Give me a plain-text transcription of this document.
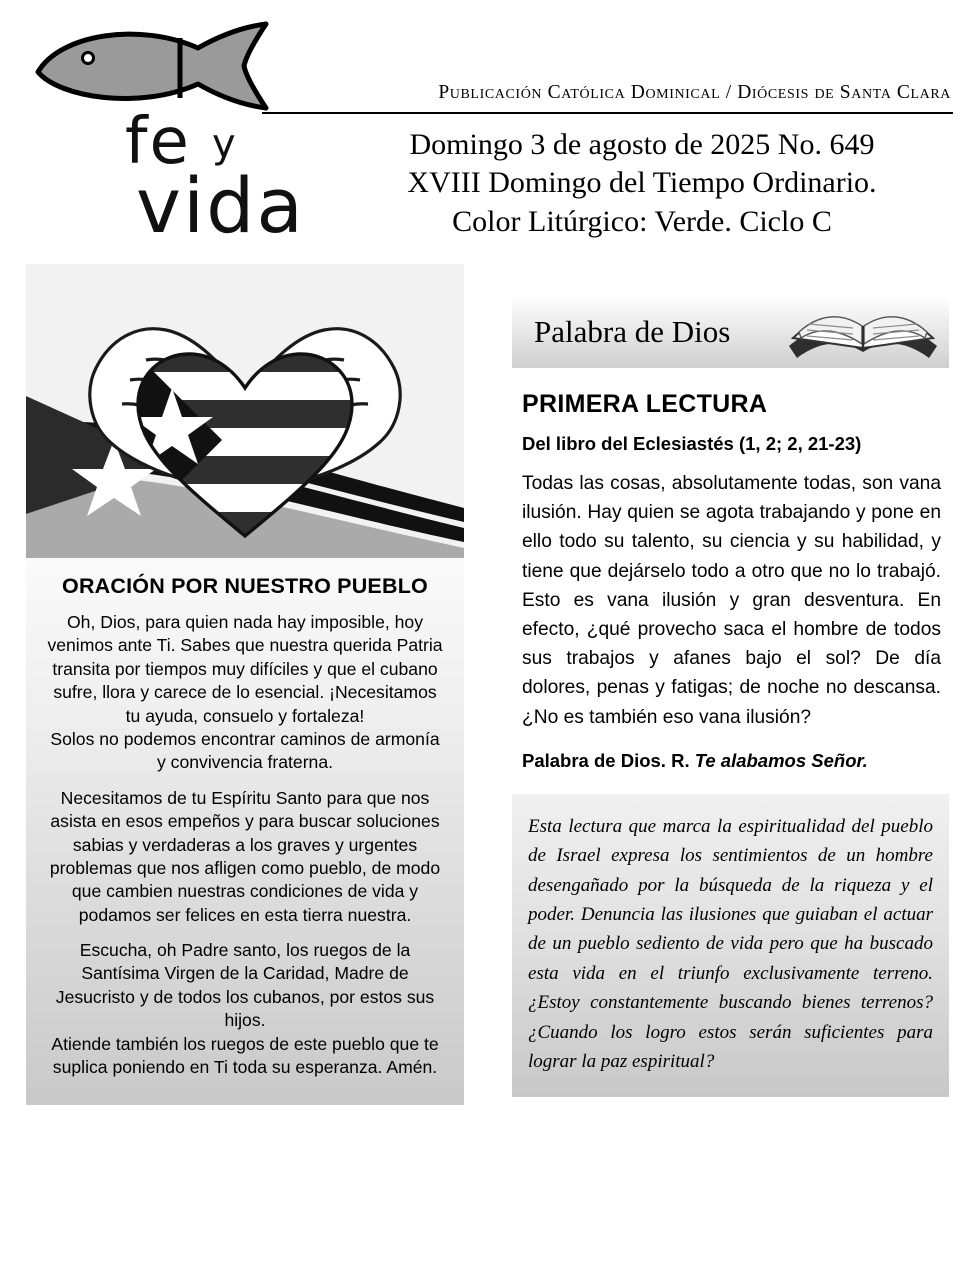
fe y
vida
Publicación Católica Dominical / Diócesis de Santa Clara
Domingo 3 de agosto de 2025 No. 649
XVIII Domingo del Tiempo Ordinario.
Color Litúrgico: Verde. Ciclo C
ORACIÓN POR NUESTRO PUEBLO

Oh, Dios, para quien nada hay imposible, hoy venimos ante Ti. Sabes que nuestra querida Patria transita por tiempos muy difíciles y que el cubano sufre, llora y carece de lo esencial. ¡Necesitamos tu ayuda, consuelo y fortaleza!
Solos no podemos encontrar caminos de armonía y convivencia fraterna.

Necesitamos de tu Espíritu Santo para que nos asista en esos empeños y para buscar soluciones sabias y verdaderas a los graves y urgentes problemas que nos afligen como pueblo, de modo que cambien nuestras condiciones de vida y podamos ser felices en esta tierra nuestra.

Escucha, oh Padre santo, los ruegos de la Santísima Virgen de la Caridad, Madre de Jesucristo y de todos los cubanos, por estos sus hijos.
Atiende también los ruegos de este pueblo que te suplica poniendo en Ti toda su esperanza. Amén.

Palabra de Dios
PRIMERA LECTURA
Del libro del Eclesiastés (1, 2; 2, 21-23)
Todas las cosas, absolutamente todas, son vana ilusión. Hay quien se agota trabajando y pone en ello todo su talento, su ciencia y su habilidad, y tiene que dejárselo todo a otro que no lo trabajó. Esto es vana ilusión y gran desventura. En efecto, ¿qué provecho saca el hombre de todos sus trabajos y afanes bajo el sol? De día dolores, penas y fatigas; de noche no descansa. ¿No es también eso vana ilusión?
Palabra de Dios. R. Te alabamos Señor.
Esta lectura que marca la espiritualidad del pueblo de Israel expresa los sentimientos de un hombre desengañado por la búsqueda de la riqueza y el poder. Denuncia las ilusiones que guiaban el actuar de un pueblo sediento de vida pero que ha buscado esta vida en el triunfo exclusivamente terreno. ¿Estoy constantemente buscando bienes terrenos? ¿Cuando los logro estos serán suficientes para lograr la paz espiritual?
